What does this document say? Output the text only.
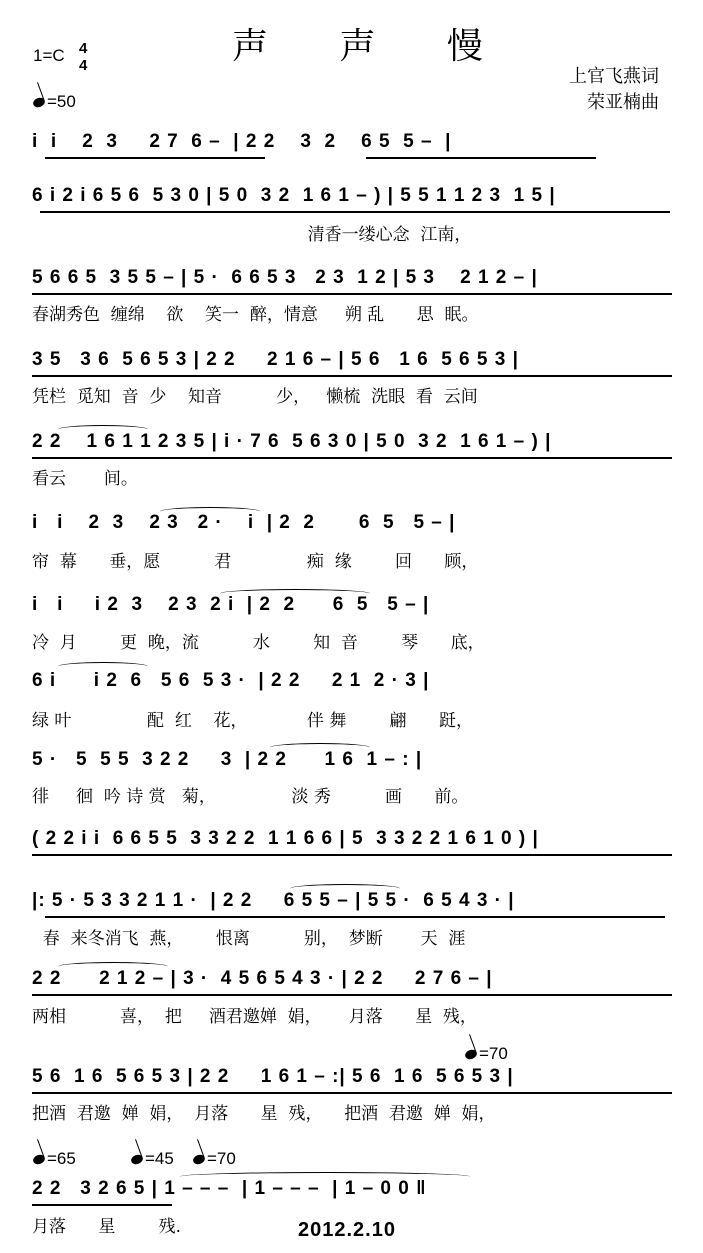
声 声 慢
1=C 4
4
=50
上官飞燕词
荣亚楠曲
i  i    2  3     2 7  6 –  | 2 2    3  2    6 5  5 –  |
6 i 2 i 6 5 6  5 3 0 | 5 0  3 2  1 6 1 – ) | 5 5 1 1 2 3  1 5 |
清香一缕心念  江南，
5 6 6 5  3 5 5 – | 5 ·  6 6 5 3   2 3  1 2 | 5 3    2 1 2 – |
春湖秀色  缠绵    欲    笑一  醉，情意     朔 乱      思  眠。
3 5   3 6  5 6 5 3 | 2 2     2 1 6 – | 5 6   1 6  5 6 5 3 |
凭栏  觅知  音  少    知音          少，   懒梳  洗眼  看  云间
2 2    1 6 1 1 2 3 5 | i · 7 6  5 6 3 0 | 5 0  3 2  1 6 1 – ) |
看云       间。
i   i    2  3    2 3   2 ·    i  | 2  2       6  5   5 – |
帘  幕      垂，愿          君              痴  缘        回      顾，
i   i     i 2  3    2 3  2 i  | 2  2      6  5   5 – |
冷  月        更  晚，流          水        知  音        琴      底，
6 i      i 2  6   5 6  5 3 ·  | 2 2     2 1  2 · 3 |
绿 叶              配  红    花，           伴 舞        翩      跹，
5 ·   5  5 5  3 2 2     3  | 2 2      1 6  1 – : |
徘     徊  吟 诗 赏   菊，              淡 秀          画      前。
( 2 2 i i  6 6 5 5  3 3 2 2  1 1 6 6 | 5  3 3 2 2 1 6 1 0 ) |
|: 5 · 5 3 3 2 1 1 ·  | 2 2     6 5 5 – | 5 5 ·  6 5 4 3 · |
春  来冬消飞  燕，      恨离          别，  梦断       天  涯
2 2      2 1 2 – | 3 ·  4 5 6 5 4 3 · | 2 2     2 7 6 – |
两相          喜，  把     酒君邀婵  娟，     月落      星  残，
5 6  1 6  5 6 5 3 | 2 2     1 6 1 – :| 5 6  1 6  5 6 5 3 |
把酒  君邀  婵  娟，  月落      星  残，    把酒  君邀  婵  娟，
2 2   3 2 6 5 | 1 – – –  | 1 – – –  | 1 – 0 0 ‖
月落      星        残.
=70
=65	=45	=70
2012.2.10
